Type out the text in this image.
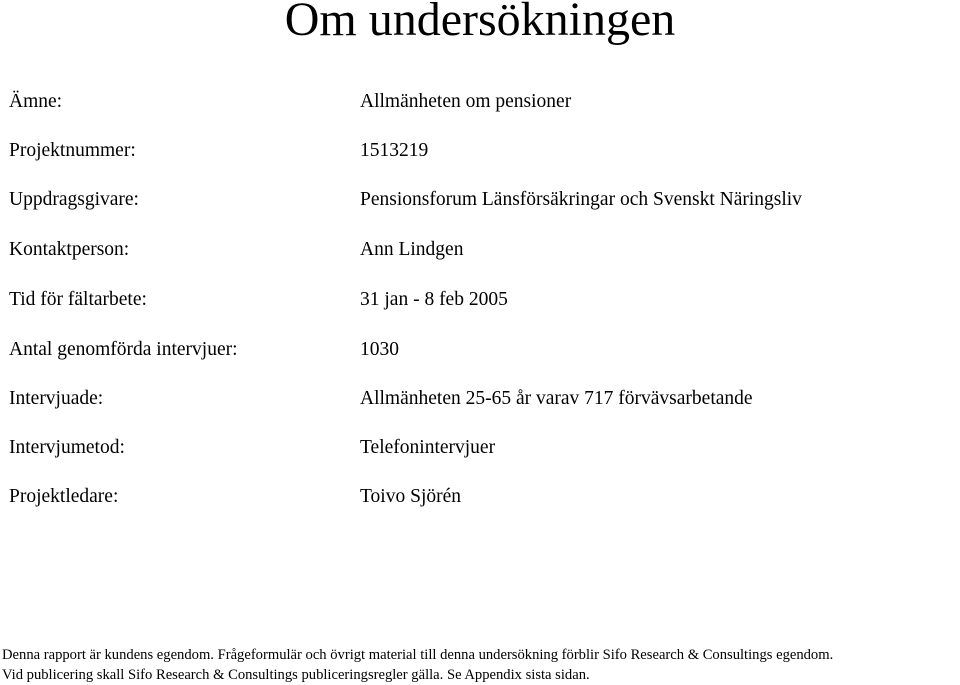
Om undersökningen
Ämne:	Allmänheten om pensioner
Projektnummer:	1513219
Uppdragsgivare:	Pensionsforum Länsförsäkringar och Svenskt Näringsliv
Kontaktperson:	Ann Lindgen
Tid för fältarbete:	31 jan - 8 feb 2005
Antal genomförda intervjuer:	1030
Intervjuade:	Allmänheten 25-65 år varav 717 förvävsarbetande
Intervjumetod:	Telefonintervjuer
Projektledare:	Toivo Sjörén
Denna rapport är kundens egendom. Frågeformulär och övrigt material till denna undersökning förblir Sifo Research & Consultings egendom.
Vid publicering skall Sifo Research & Consultings publiceringsregler gälla. Se Appendix sista sidan.
